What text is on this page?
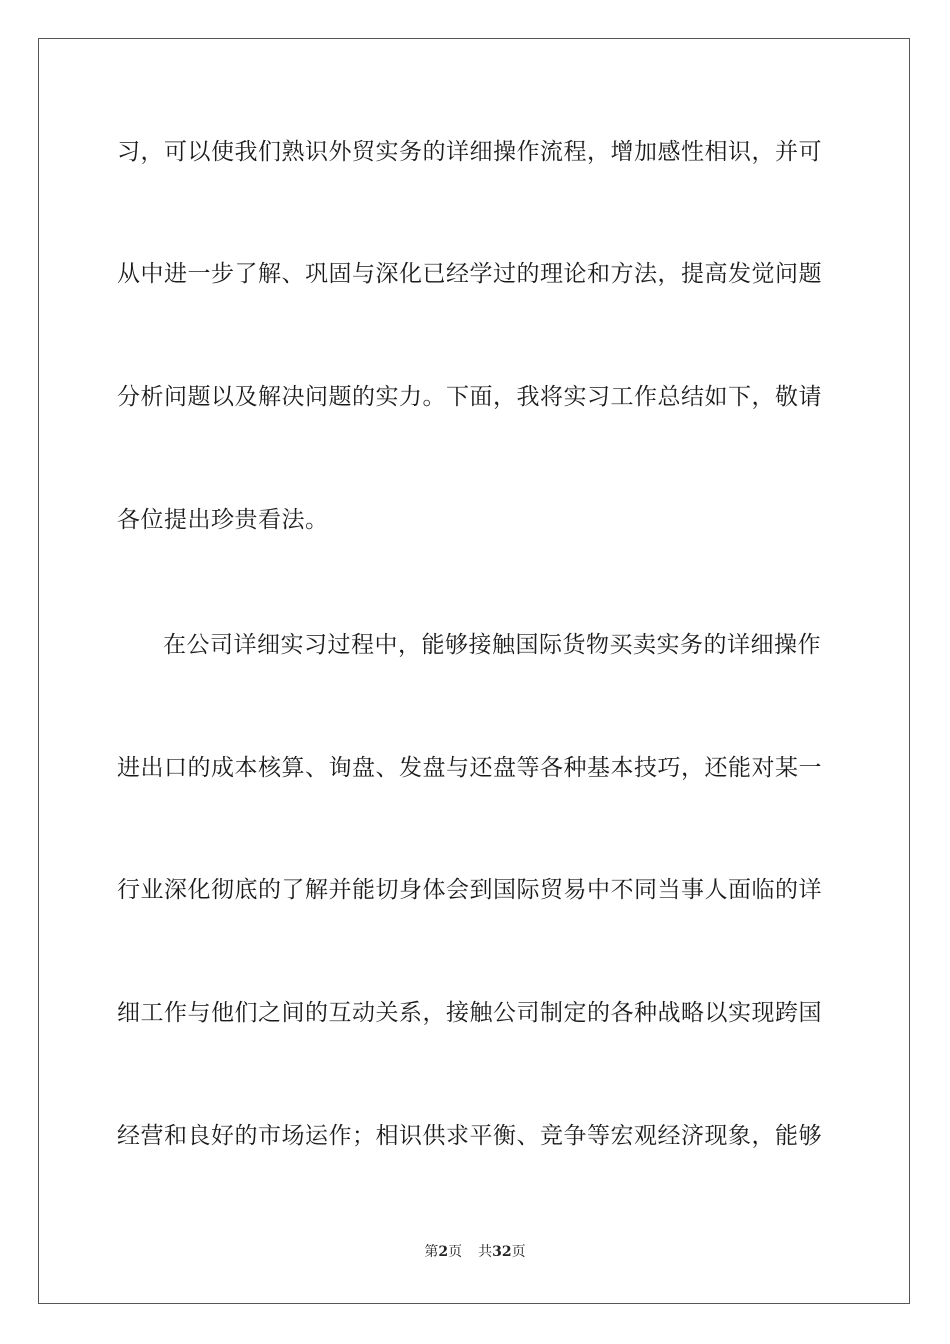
习，可以使我们熟识外贸实务的详细操作流程，增加感性相识，并可
从中进一步了解、巩固与深化已经学过的理论和方法，提高发觉问题
分析问题以及解决问题的实力。下面，我将实习工作总结如下，敬请
各位提出珍贵看法。
在公司详细实习过程中，能够接触国际货物买卖实务的详细操作
进出口的成本核算、询盘、发盘与还盘等各种基本技巧，还能对某一
行业深化彻底的了解并能切身体会到国际贸易中不同当事人面临的详
细工作与他们之间的互动关系，接触公司制定的各种战略以实现跨国
经营和良好的市场运作；相识供求平衡、竞争等宏观经济现象，能够
第2页 共32页
